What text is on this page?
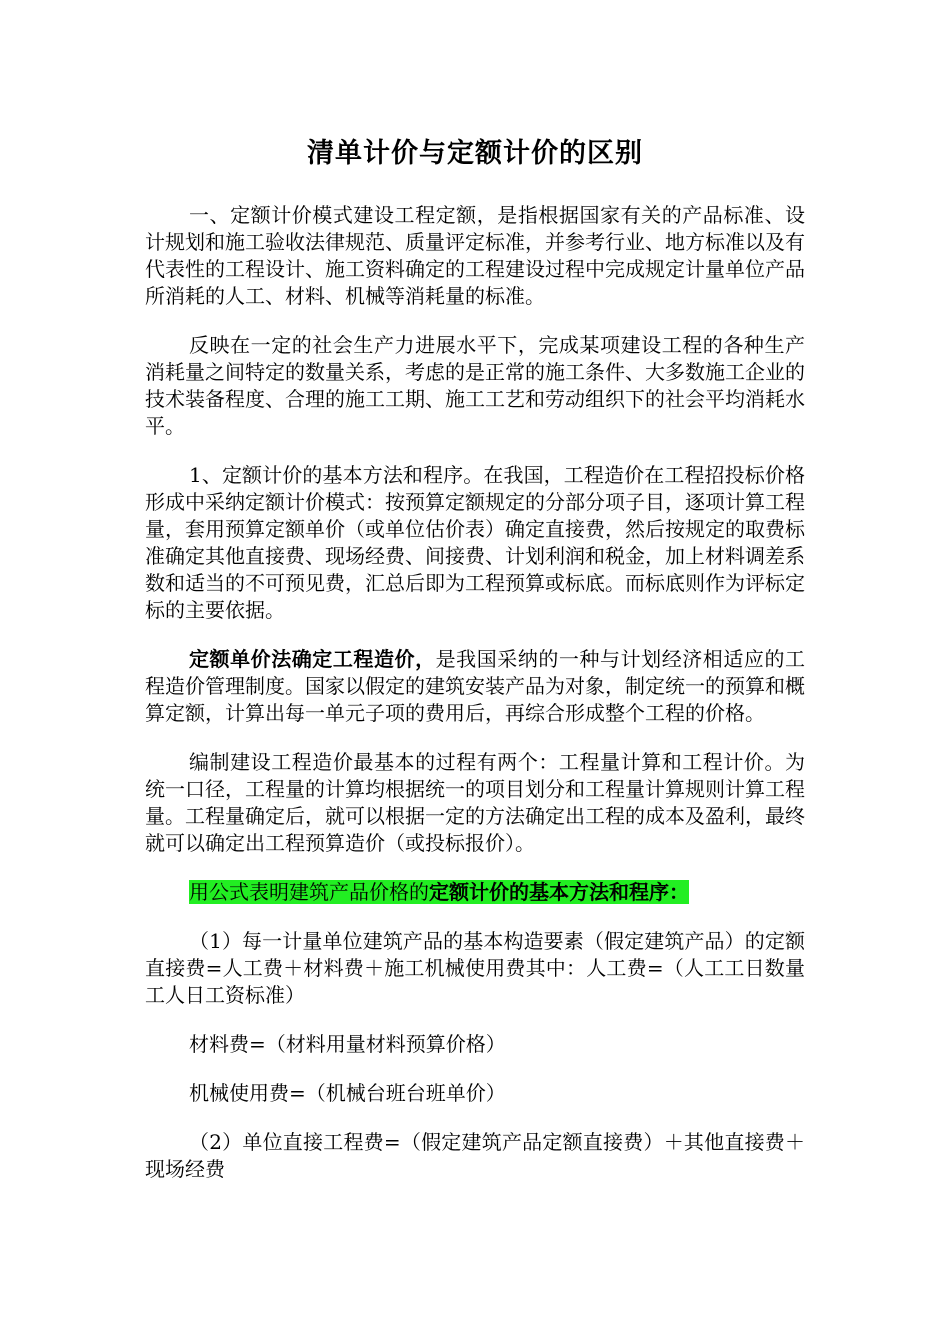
清单计价与定额计价的区别

一、定额计价模式建设工程定额，是指根据国家有关的产品标准、设计规划和施工验收法律规范、质量评定标准，并参考行业、地方标准以及有代表性的工程设计、施工资料确定的工程建设过程中完成规定计量单位产品所消耗的人工、材料、机械等消耗量的标准。

反映在一定的社会生产力进展水平下，完成某项建设工程的各种生产消耗量之间特定的数量关系，考虑的是正常的施工条件、大多数施工企业的技术装备程度、合理的施工工期、施工工艺和劳动组织下的社会平均消耗水平。

1、定额计价的基本方法和程序。在我国，工程造价在工程招投标价格形成中采纳定额计价模式：按预算定额规定的分部分项子目，逐项计算工程量，套用预算定额单价（或单位估价表）确定直接费，然后按规定的取费标准确定其他直接费、现场经费、间接费、计划利润和税金，加上材料调差系数和适当的不可预见费，汇总后即为工程预算或标底。而标底则作为评标定标的主要依据。

定额单价法确定工程造价，是我国采纳的一种与计划经济相适应的工程造价管理制度。国家以假定的建筑安装产品为对象，制定统一的预算和概算定额，计算出每一单元子项的费用后，再综合形成整个工程的价格。

编制建设工程造价最基本的过程有两个：工程量计算和工程计价。为统一口径，工程量的计算均根据统一的项目划分和工程量计算规则计算工程量。工程量确定后，就可以根据一定的方法确定出工程的成本及盈利，最终就可以确定出工程预算造价（或投标报价）。

用公式表明建筑产品价格的定额计价的基本方法和程序：

（1）每一计量单位建筑产品的基本构造要素（假定建筑产品）的定额直接费=人工费＋材料费＋施工机械使用费其中：人工费=（人工工日数量工人日工资标准）

材料费=（材料用量材料预算价格）

机械使用费=（机械台班台班单价）

（2）单位直接工程费=（假定建筑产品定额直接费）＋其他直接费＋现场经费
